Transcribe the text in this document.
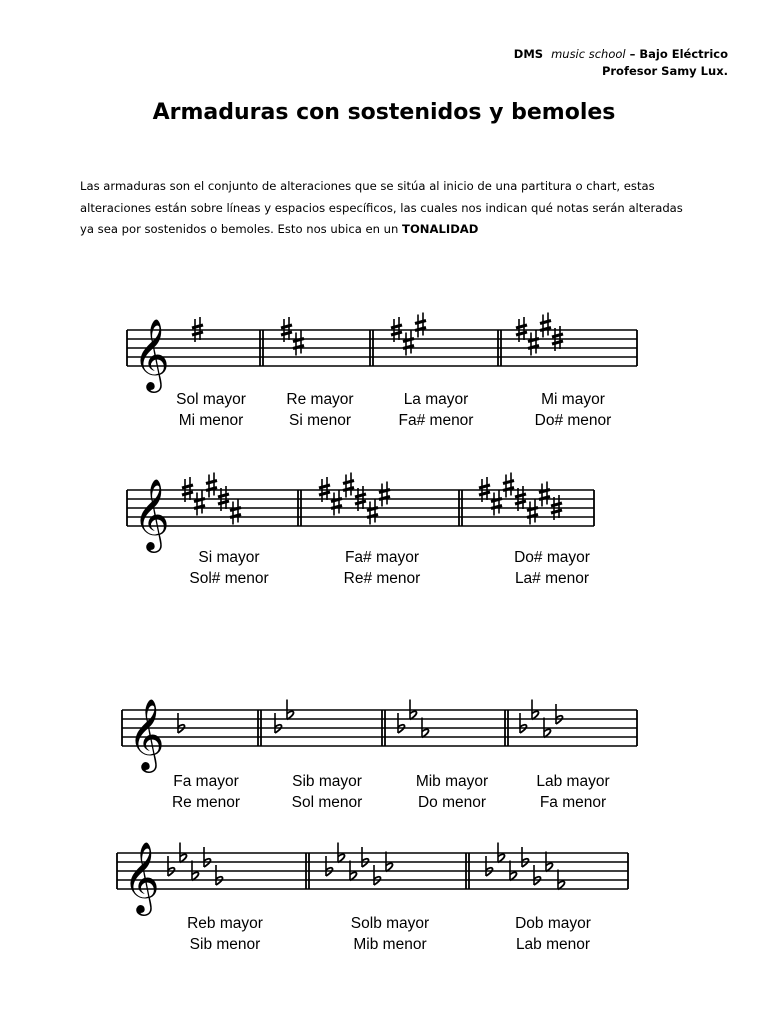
DMS music school – Bajo Eléctrico
Profesor Samy Lux.
Armaduras con sostenidos y bemoles
Las armaduras son el conjunto de alteraciones que se sitúa al inicio de una partitura o chart, estas
alteraciones están sobre líneas y espacios específicos, las cuales nos indican qué notas serán alteradas
ya sea por sostenidos o bemoles. Esto nos ubica en un TONALIDAD
𝄞
Sol mayor
Mi menor
Re mayor
Si menor
La mayor
Fa# menor
Mi mayor
Do# menor
𝄞
Si mayor
Sol# menor
Fa# mayor
Re# menor
Do# mayor
La# menor
𝄞
Fa mayor
Re menor
Sib mayor
Sol menor
Mib mayor
Do menor
Lab mayor
Fa menor
𝄞
Reb mayor
Sib menor
Solb mayor
Mib menor
Dob mayor
Lab menor
